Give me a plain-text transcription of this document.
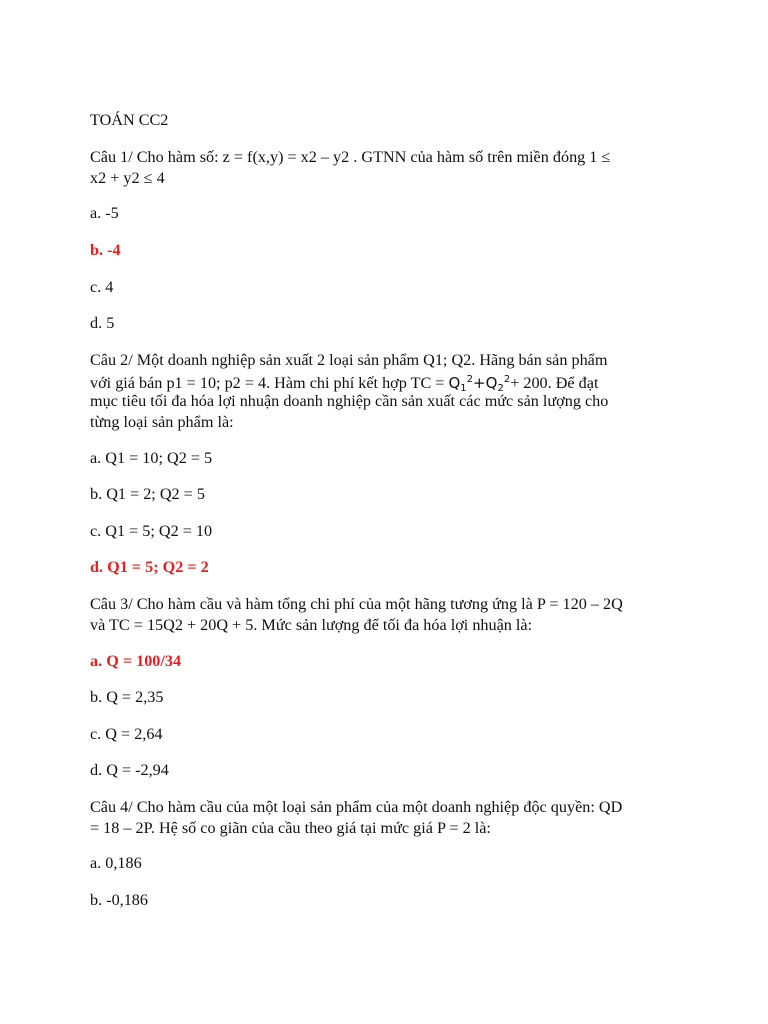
TOÁN CC2
Câu 1/ Cho hàm số: z = f(x,y) = x2 – y2 . GTNN của hàm số trên miền đóng 1 ≤
x2 + y2 ≤ 4
a. -5
b. -4
c. 4
d. 5
Câu 2/ Một doanh nghiệp sản xuất 2 loại sản phẩm Q1; Q2. Hãng bán sản phẩm
với giá bán p1 = 10; p2 = 4. Hàm chi phí kết hợp TC = $Q_1^2+Q_2^2+ 200$. Để đạt
mục tiêu tối đa hóa lợi nhuận doanh nghiệp cần sản xuất các mức sản lượng cho
từng loại sản phẩm là:
a. Q1 = 10; Q2 = 5
b. Q1 = 2; Q2 = 5
c. Q1 = 5; Q2 = 10
d. Q1 = 5; Q2 = 2
Câu 3/ Cho hàm cầu và hàm tổng chi phí của một hãng tương ứng là P = 120 – 2Q
và TC = 15Q2 + 20Q + 5. Mức sản lượng để tối đa hóa lợi nhuận là:
a. Q = 100/34
b. Q = 2,35
c. Q = 2,64
d. Q = -2,94
Câu 4/ Cho hàm cầu của một loại sản phẩm của một doanh nghiệp độc quyền: QD
= 18 – 2P. Hệ số co giãn của cầu theo giá tại mức giá P = 2 là:
a. 0,186
b. -0,186
